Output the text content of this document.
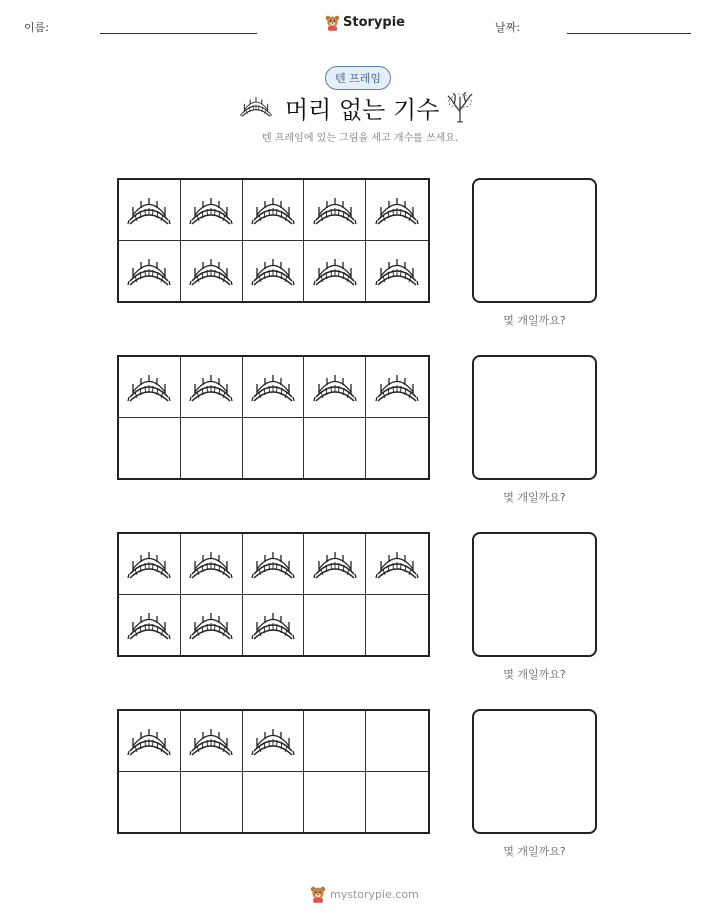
이름:	Storypie	날짜:
텐 프레임
머리 없는 기수
텐 프레임에 있는 그림을 세고 개수를 쓰세요.
몇 개일까요?
몇 개일까요?
몇 개일까요?
몇 개일까요?
mystorypie.com
